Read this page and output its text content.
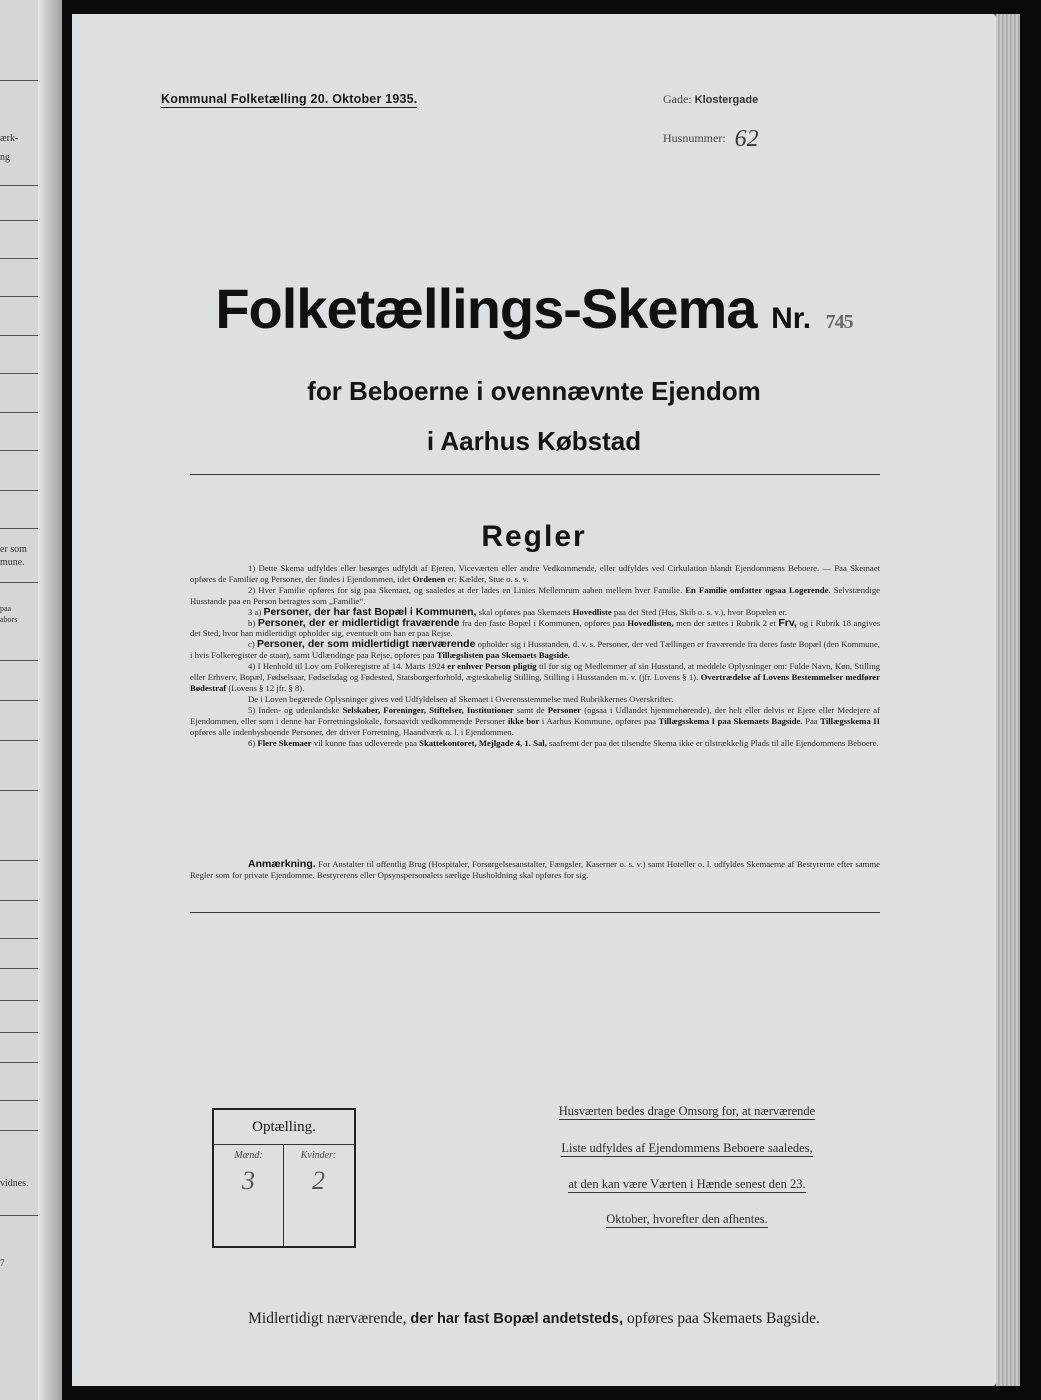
ærk-
ng
er som
mune.
paa
abors
vidnes.
7
Kommunal Folketælling 20. Oktober 1935.	Gade: Klostergade
Husnummer: 62
Folketællings-Skema Nr. 745
for Beboerne i ovennævnte Ejendom
i Aarhus Købstad
Regler

1) Dette Skema udfyldes eller besørges udfyldt af Ejeren, Viceværten eller andre Vedkommende, eller udfyldes ved Cirkulation blandt Ejendommens Beboere. — Paa Skemaet opføres de Familier og Personer, der findes i Ejendommen, idet Ordenen er: Kælder, Stue o. s. v.

2) Hver Familie opføres for sig paa Skemaet, og saaledes at der lades en Linies Mellemrum aaben mellem hver Familie. En Familie omfatter ogsaa Logerende. Selvstændige Husstande paa en Person betragtes som „Familie“.

3 a) Personer, der har fast Bopæl i Kommunen, skal opføres paa Skemaets Hovedliste paa det Sted (Hus, Skib o. s. v.), hvor Bopælen er.

b) Personer, der er midlertidigt fraværende fra den faste Bopæl i Kommunen, opføres paa Hovedlisten, men der sættes i Rubrik 2 et Frv, og i Rubrik 18 angives det Sted, hvor han midlertidigt opholder sig, eventuelt om han er paa Rejse.

c) Personer, der som midlertidigt nærværende opholder sig i Husstanden, d. v. s. Personer, der ved Tællingen er fraværende fra deres faste Bopæl (den Kommune, i hvis Folkeregister de staar), samt Udlændinge paa Rejse, opføres paa Tillægslisten paa Skemaets Bagside.

4) I Henhold til Lov om Folkeregistre af 14. Marts 1924 er enhver Person pligtig til for sig og Medlemmer af sin Husstand, at meddele Oplysninger om: Fulde Navn, Køn, Stilling eller Erhverv, Bopæl, Fødselsaar, Fødselsdag og Fødested, Statsborgerforhold, ægteskabelig Stilling, Stilling i Husstanden m. v. (jfr. Lovens § 1). Overtrædelse af Lovens Bestemmelser medfører Bødestraf (Lovens § 12 jfr. § 8).

De i Loven begærede Oplysninger gives ved Udfyldelsen af Skemaet i Overensstemmelse med Rubrikkernes Overskrifter.

5) Inden- og udenlandske Selskaber, Foreninger, Stiftelser, Institutioner samt de Personer (ogsaa i Udlandet hjemmehørende), der helt eller delvis er Ejere eller Medejere af Ejendommen, eller som i denne har Forretningslokale, forsaavidt vedkommende Personer ikke bor i Aarhus Kommune, opføres paa Tillægsskema I paa Skemaets Bagside. Paa Tillægsskema II opføres alle indenbysboende Personer, der driver Forretning, Haandværk o. l. i Ejendommen.

6) Flere Skemaer vil kunne faas udleverede paa Skattekontoret, Mejlgade 4, 1. Sal, saafremt der paa det tilsendte Skema ikke er tilstrækkelig Plads til alle Ejendommens Beboere.

Anmærkning. For Anstalter til offentlig Brug (Hospitaler, Forsørgelsesanstalter, Fængsler, Kaserner o. s. v.) samt Hoteller o. l. udfyldes Skemaerne af Bestyrerne efter samme Regler som for private Ejendomme. Bestyrerens eller Opsynspersonalets særlige Husholdning skal opføres for sig.

Optælling.
Mænd:	Kvinder:
3	2
Husværten bedes drage Omsorg for, at nærværende
Liste udfyldes af Ejendommens Beboere saaledes,
at den kan være Værten i Hænde senest den 23.
Oktober, hvorefter den afhentes.
Midlertidigt nærværende, der har fast Bopæl andetsteds, opføres paa Skemaets Bagside.
